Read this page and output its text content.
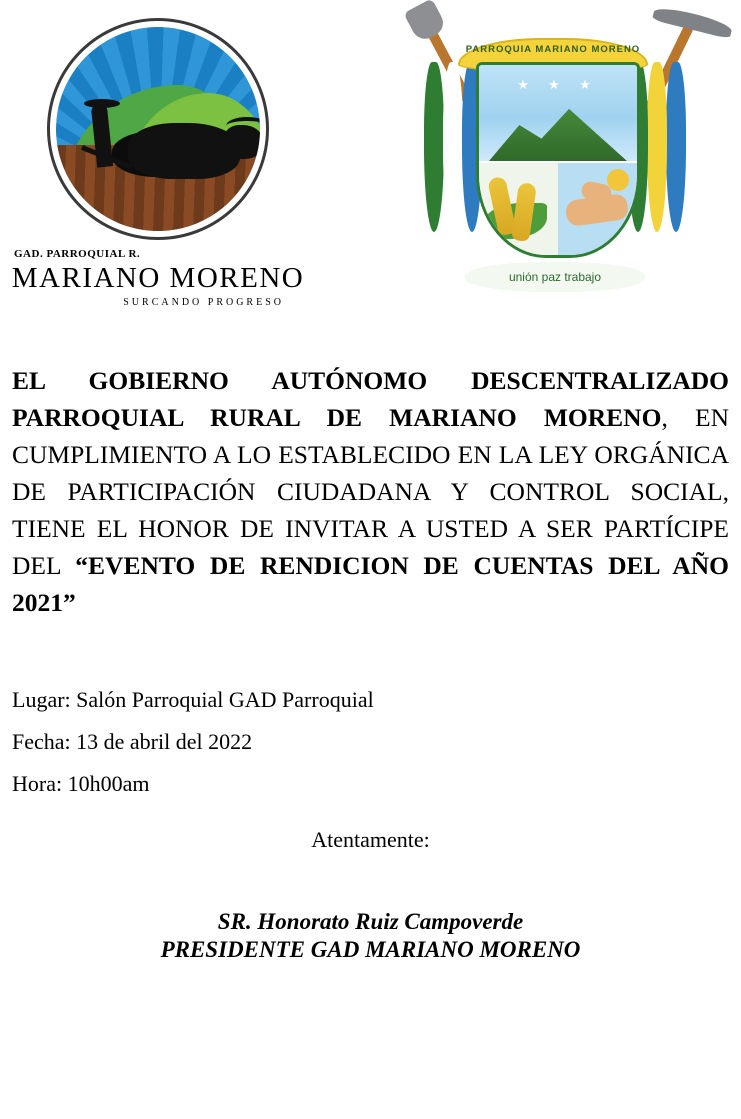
GAD. PARROQUIAL R.
MARIANO MORENO
SURCANDO PROGRESO
PARROQUIA MARIANO MORENO
★ ★ ★
unión paz trabajo

EL GOBIERNO AUTÓNOMO DESCENTRALIZADO PARROQUIAL RURAL DE MARIANO MORENO, EN CUMPLIMIENTO A LO ESTABLECIDO EN LA LEY ORGÁNICA DE PARTICIPACIÓN CIUDADANA Y CONTROL SOCIAL, TIENE EL HONOR DE INVITAR A USTED A SER PARTÍCIPE DEL “EVENTO DE RENDICION DE CUENTAS DEL AÑO 2021”

Lugar: Salón Parroquial GAD Parroquial
Fecha: 13 de abril del 2022
Hora: 10h00am
Atentamente:
SR. Honorato Ruiz Campoverde
PRESIDENTE GAD MARIANO MORENO
